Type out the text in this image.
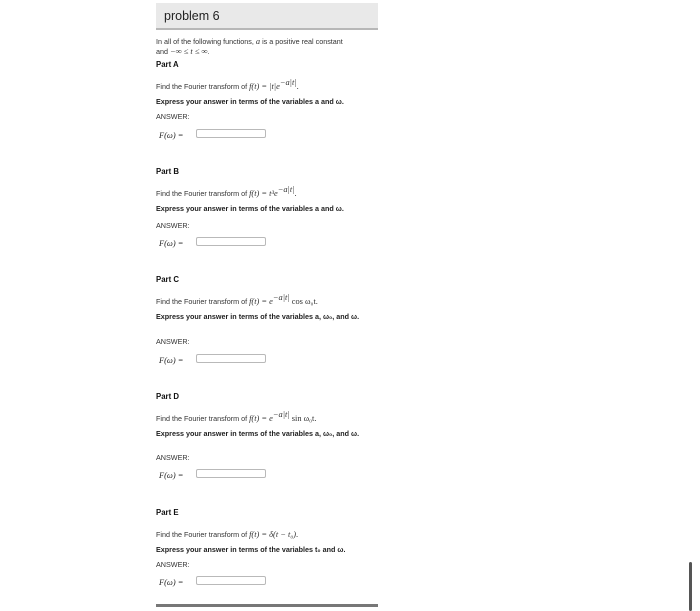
problem 6
In all of the following functions, a is a positive real constant
and −∞ ≤ t ≤ ∞.
Part A
Find the Fourier transform of $f(t) = |t|e^{-a|t|}$.
Express your answer in terms of the variables a and ω.
ANSWER:
F(ω) =
Part B
Find the Fourier transform of $f(t) = t^3e^{-a|t|}$.
Express your answer in terms of the variables a and ω.
ANSWER:
F(ω) =
Part C
Find the Fourier transform of $f(t) = e^{-a|t|}$ cos ω₀t.
Express your answer in terms of the variables a, ω₀, and ω.
ANSWER:
F(ω) =
Part D
Find the Fourier transform of $f(t) = e^{-a|t|}$ sin ω₀t.
Express your answer in terms of the variables a, ω₀, and ω.
ANSWER:
F(ω) =
Part E
Find the Fourier transform of f(t) = δ(t − t₀).
Express your answer in terms of the variables t₀ and ω.
ANSWER:
F(ω) =
